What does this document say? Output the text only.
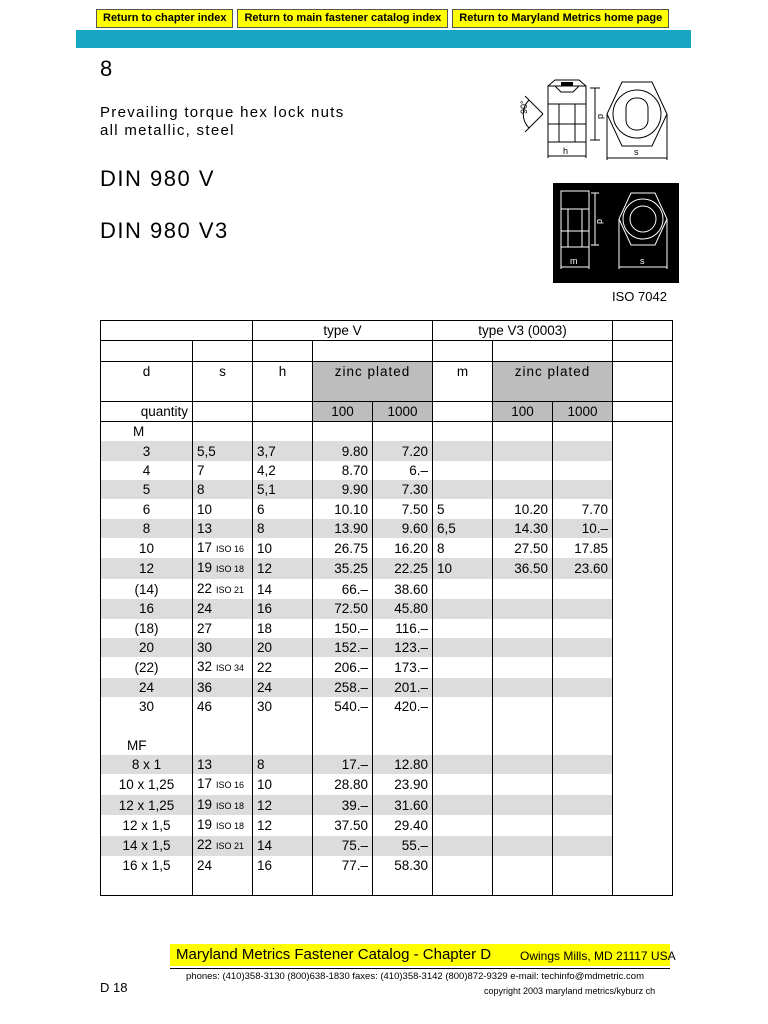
Return to chapter index	Return to main fastener catalog index	Return to Maryland Metrics home page
8
Prevailing torque hex lock nuts
all metallic, steel
DIN 980 V
DIN 980 V3
90°
h
d
s
d
m	s
ISO 7042
		type V			type V3 (0003)			

d	s	h	zinc plated		m	zinc plated		

quantity			100	1000		100	1000	
M								
3	5,5	3,7	9.80	7.20				
4	7	4,2	8.70	6.–				
5	8	5,1	9.90	7.30				
6	10	6	10.10	7.50	5	10.20	7.70	
8	13	8	13.90	9.60	6,5	14.30	10.–	
10	17 ISO 16	10	26.75	16.20	8	27.50	17.85	
12	19 ISO 18	12	35.25	22.25	10	36.50	23.60	
(14)	22 ISO 21	14	66.–	38.60				
16	24	16	72.50	45.80				
(18)	27	18	150.–	116.–				
20	30	20	152.–	123.–				
(22)	32 ISO 34	22	206.–	173.–				
24	36	24	258.–	201.–				
30	46	30	540.–	420.–				

MF								
8 x 1	13	8	17.–	12.80				
10 x 1,25	17 ISO 16	10	28.80	23.90				
12 x 1,25	19 ISO 18	12	39.–	31.60				
12 x 1,5	19 ISO 18	12	37.50	29.40				
14 x 1,5	22 ISO 21	14	75.–	55.–				
16 x 1,5	24	16	77.–	58.30				

Maryland Metrics Fastener Catalog - Chapter D Owings Mills, MD 21117 USA
phones: (410)358-3130 (800)638-1830 faxes: (410)358-3142 (800)872-9329 e-mail: techinfo@mdmetric.com
copyright 2003 maryland metrics/kyburz ch
D 18
